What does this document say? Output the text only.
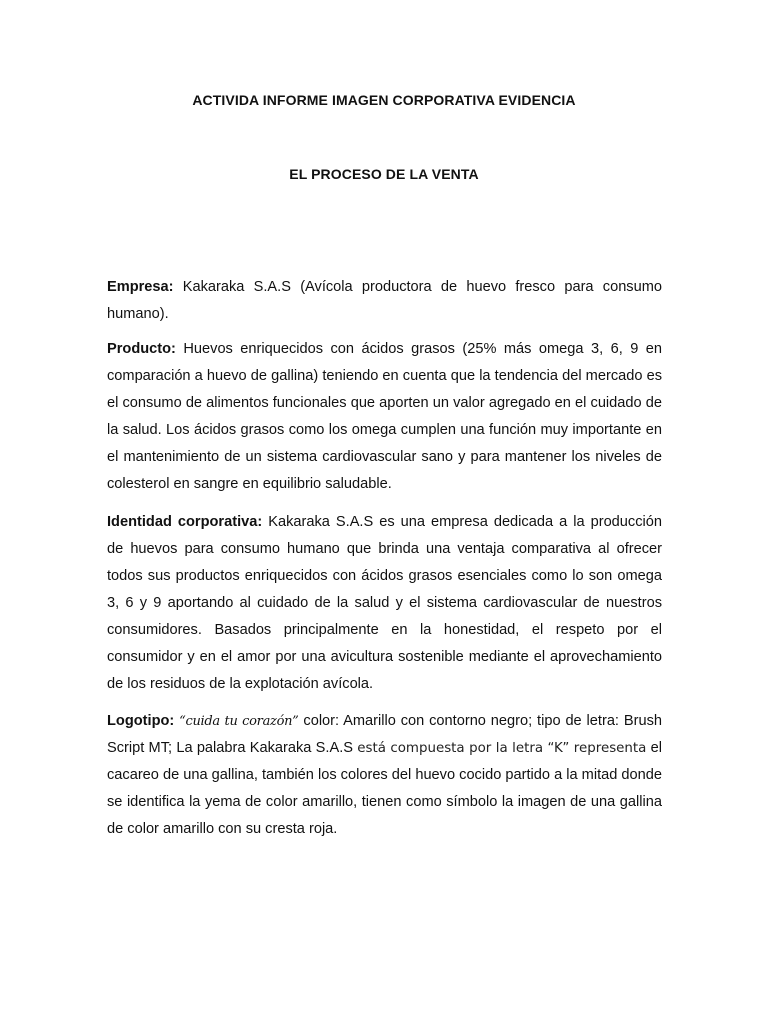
ACTIVIDA INFORME IMAGEN CORPORATIVA EVIDENCIA
EL PROCESO DE LA VENTA

Empresa: Kakaraka S.A.S (Avícola productora de huevo fresco para consumo humano).

Producto: Huevos enriquecidos con ácidos grasos (25% más omega 3, 6, 9 en comparación a huevo de gallina) teniendo en cuenta que la tendencia del mercado es el consumo de alimentos funcionales que aporten un valor agregado en el cuidado de la salud. Los ácidos grasos como los omega cumplen una función muy importante en el mantenimiento de un sistema cardiovascular sano y para mantener los niveles de colesterol en sangre en equilibrio saludable.

Identidad corporativa: Kakaraka S.A.S es una empresa dedicada a la producción de huevos para consumo humano que brinda una ventaja comparativa al ofrecer todos sus productos enriquecidos con ácidos grasos esenciales como lo son omega 3, 6 y 9 aportando al cuidado de la salud y el sistema cardiovascular de nuestros consumidores. Basados principalmente en la honestidad, el respeto por el consumidor y en el amor por una avicultura sostenible mediante el aprovechamiento de los residuos de la explotación avícola.

Logotipo: “cuida tu corazón” color: Amarillo con contorno negro; tipo de letra: Brush Script MT; La palabra Kakaraka S.A.S está compuesta por la letra “K” representa el cacareo de una gallina, también los colores del huevo cocido partido a la mitad donde se identifica la yema de color amarillo, tienen como símbolo la imagen de una gallina de color amarillo con su cresta roja.
